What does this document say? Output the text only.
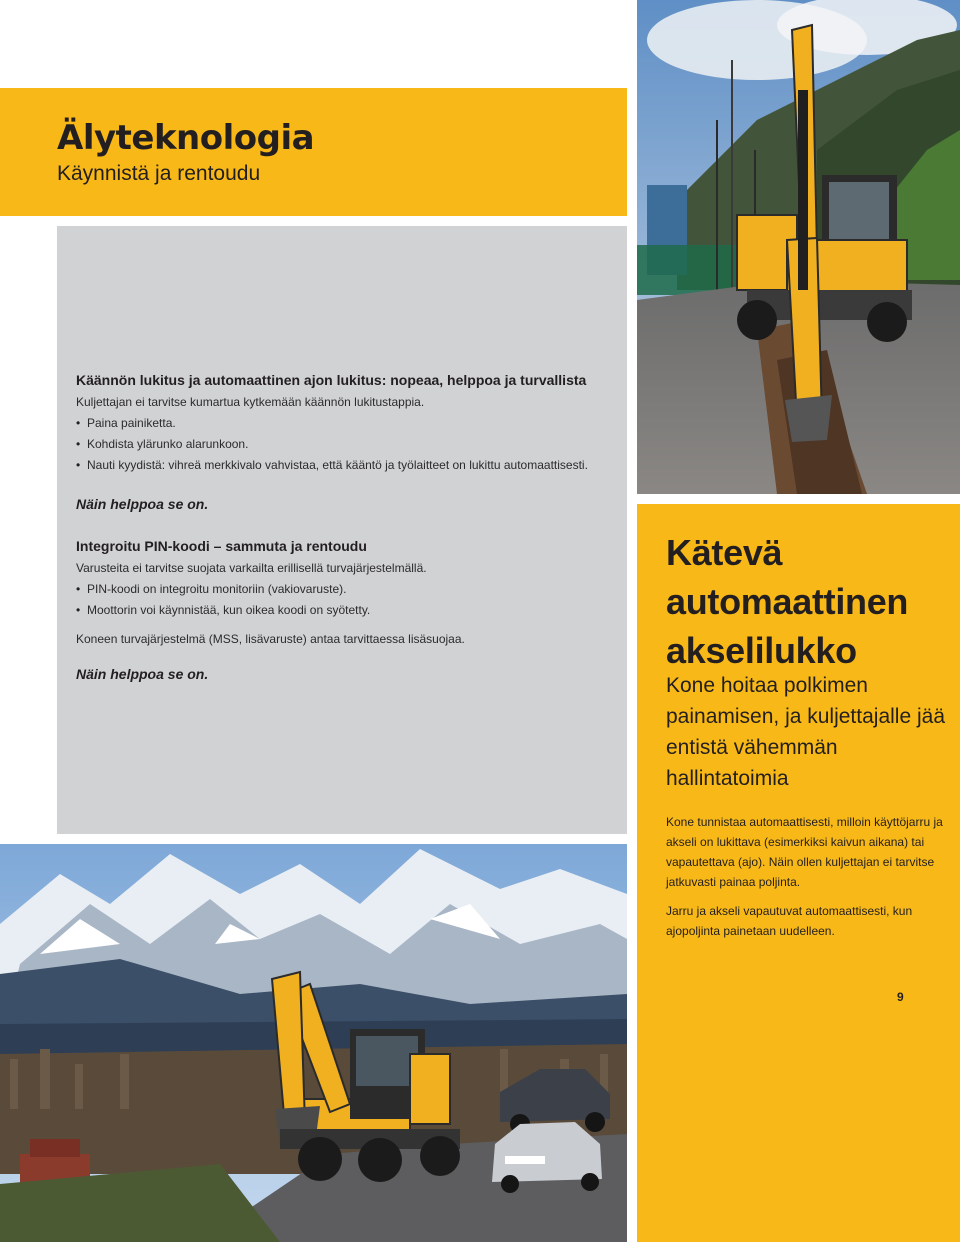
Älyteknologia
Käynnistä ja rentoudu
Käännön lukitus ja automaattinen ajon lukitus: nopeaa, helppoa ja turvallista
Kuljettajan ei tarvitse kumartua kytkemään käännön lukitustappia.
• Paina painiketta.
• Kohdista ylärunko alarunkoon.
• Nauti kyydistä: vihreä merkkivalo vahvistaa, että kääntö ja työlaitteet on lukittu automaattisesti.
Näin helppoa se on.
Integroitu PIN-koodi – sammuta ja rentoudu
Varusteita ei tarvitse suojata varkailta erillisellä turvajärjestelmällä.
• PIN-koodi on integroitu monitoriin (vakiovaruste).
• Moottorin voi käynnistää, kun oikea koodi on syötetty.
Koneen turvajärjestelmä (MSS, lisävaruste) antaa tarvittaessa lisäsuojaa.
Näin helppoa se on.
Kätevä automaattinen akselilukko
Kone hoitaa polkimen painamisen, ja kuljettajalle jää entistä vähemmän hallintatoimia
Kone tunnistaa automaattisesti, milloin käyttöjarru ja akseli on lukittava (esimerkiksi kaivun aikana) tai vapautettava (ajo). Näin ollen kuljettajan ei tarvitse jatkuvasti painaa poljinta.
Jarru ja akseli vapautuvat automaattisesti, kun ajopoljinta painetaan uudelleen.
9
